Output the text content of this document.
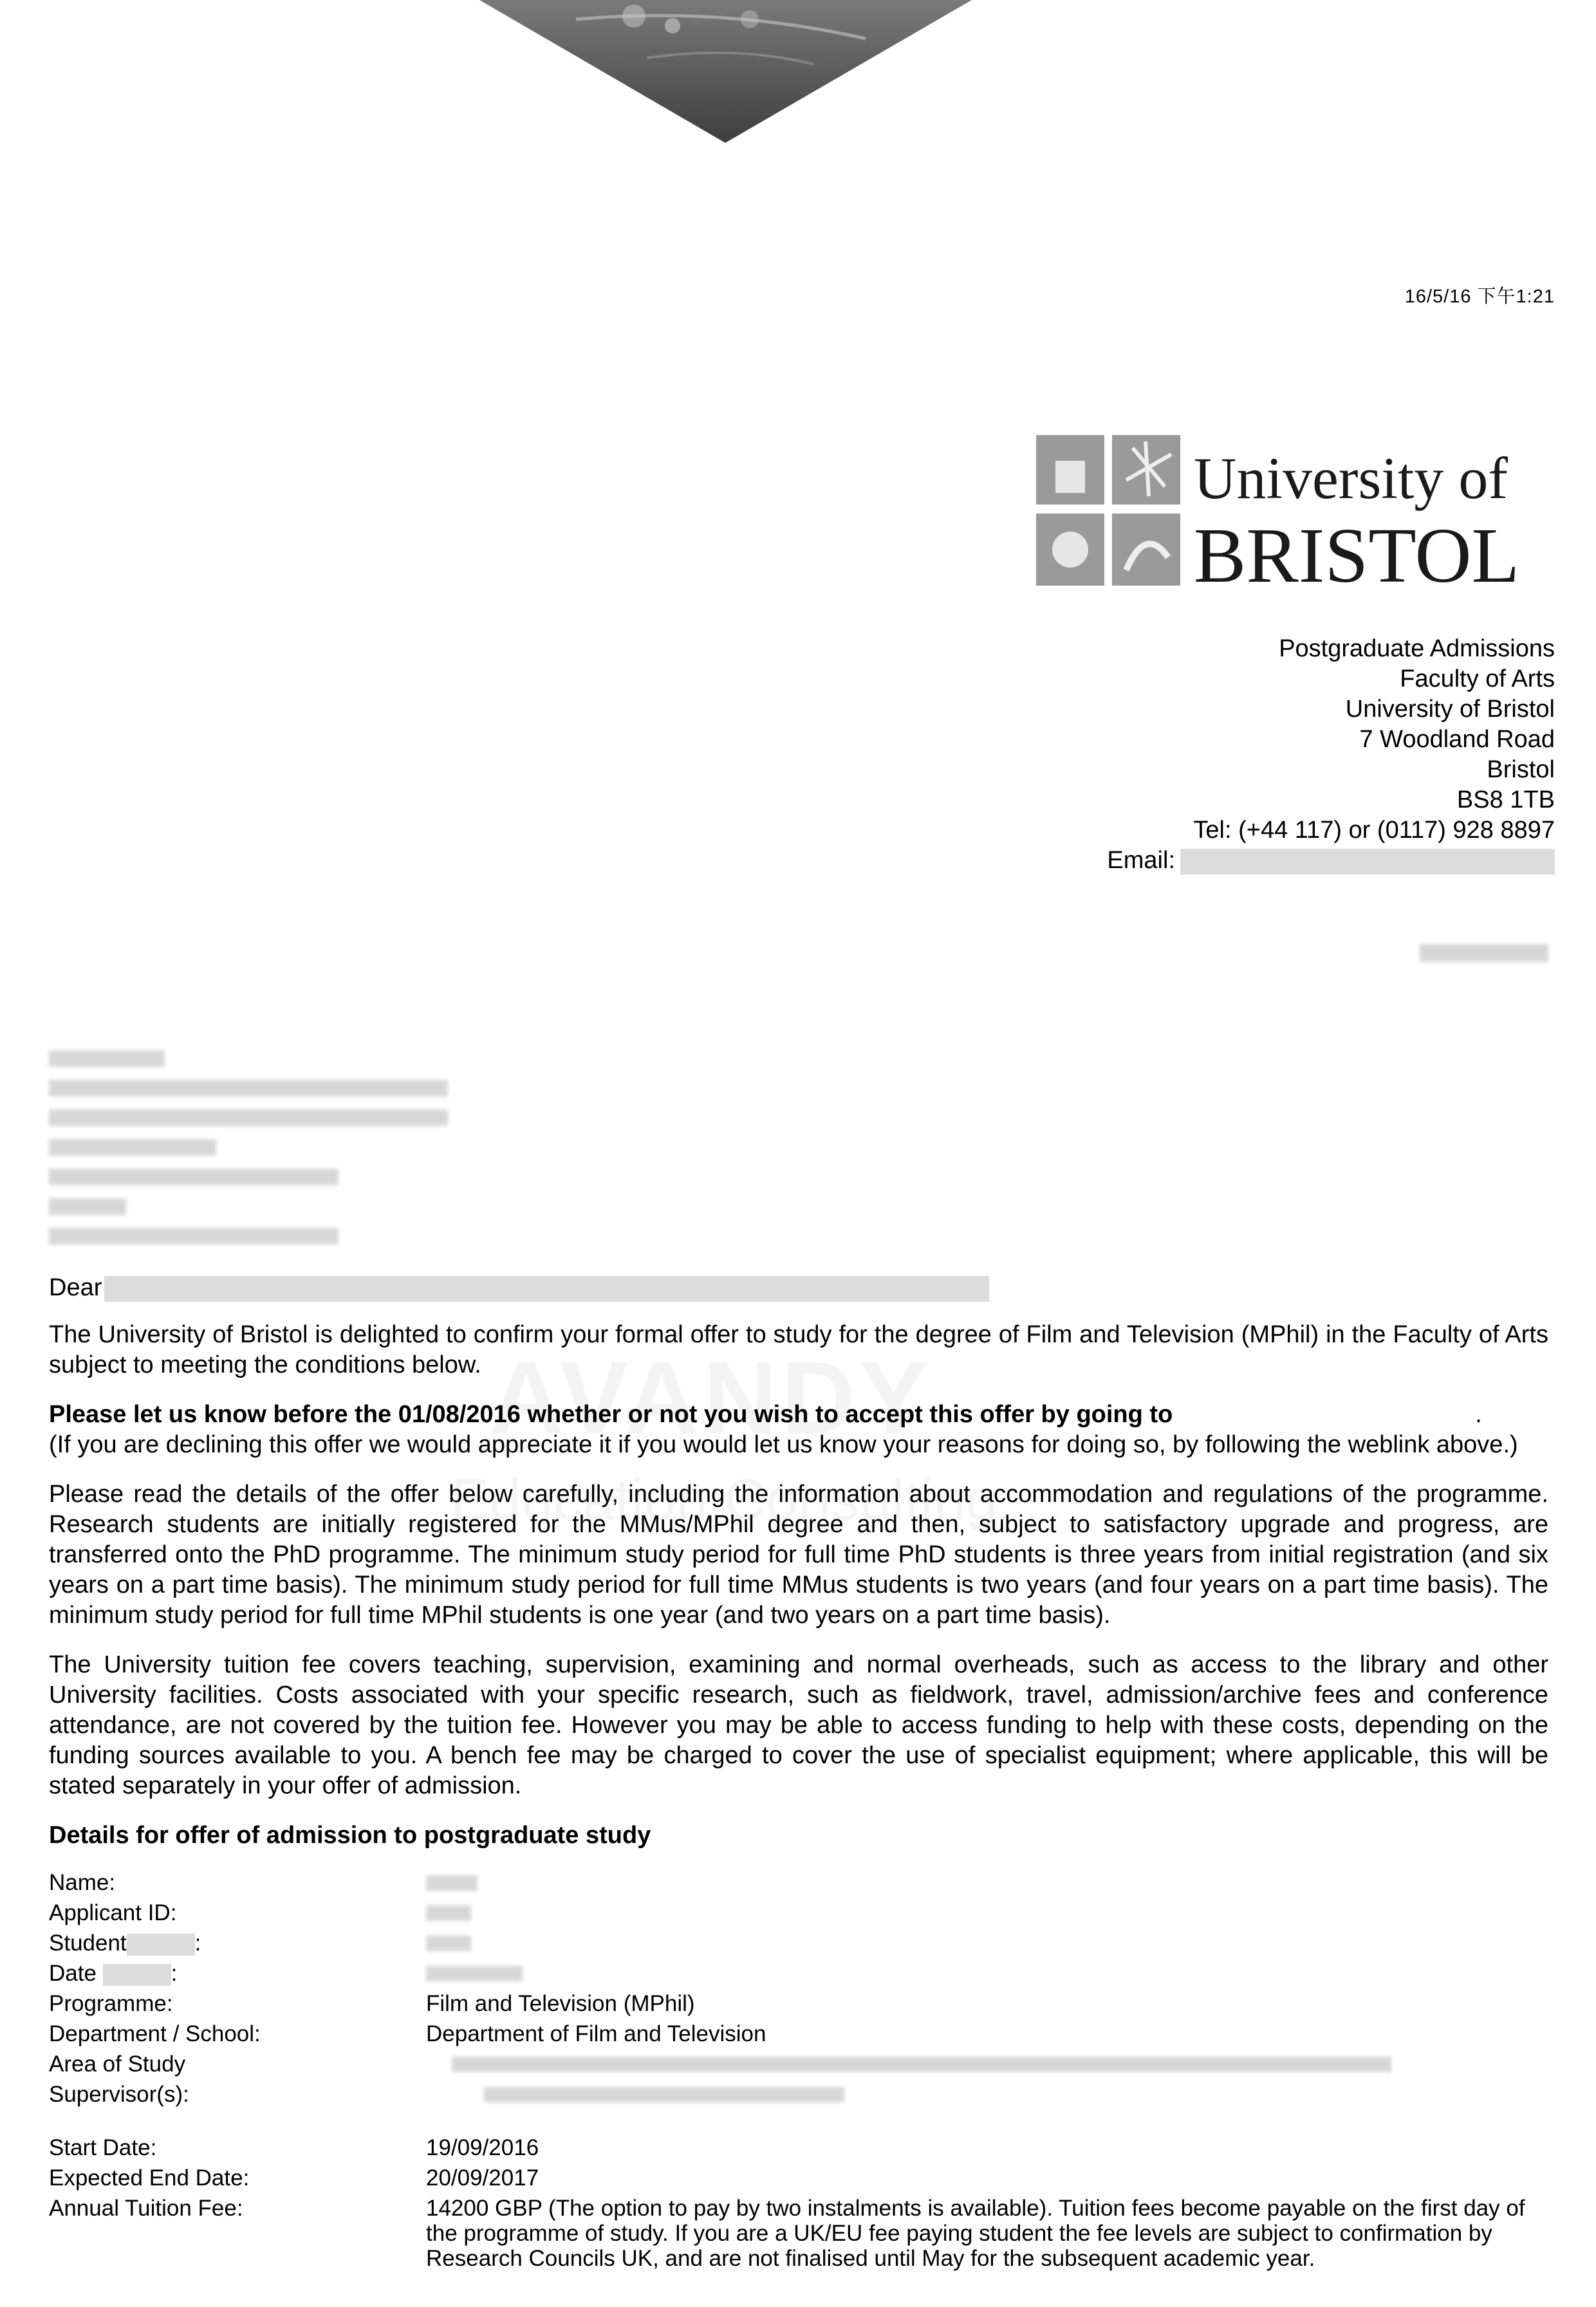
16/5/16 下午1:21
University of
BRISTOL
Postgraduate Admissions
Faculty of Arts
University of Bristol
7 Woodland Road
Bristol
BS8 1TB
Tel: (+44 117) or (0117) 928 8897
Email:

Dear

The University of Bristol is delighted to confirm your formal offer to study for the degree of Film and Television (MPhil) in the Faculty of Arts subject to meeting the conditions below.

Please let us know before the 01/08/2016 whether or not you wish to accept this offer by going to	.
(If you are declining this offer we would appreciate it if you would let us know your reasons for doing so, by following the weblink above.)

Please read the details of the offer below carefully, including the information about accommodation and regulations of the programme. Research students are initially registered for the MMus/MPhil degree and then, subject to satisfactory upgrade and progress, are transferred onto the PhD programme. The minimum study period for full time PhD students is three years from initial registration (and six years on a part time basis). The minimum study period for full time MMus students is two years (and four years on a part time basis). The minimum study period for full time MPhil students is one year (and two years on a part time basis).

The University tuition fee covers teaching, supervision, examining and normal overheads, such as access to the library and other University facilities. Costs associated with your specific research, such as fieldwork, travel, admission/archive fees and conference attendance, are not covered by the tuition fee. However you may be able to access funding to help with these costs, depending on the funding sources available to you. A bench fee may be charged to cover the use of specialist equipment; where applicable, this will be stated separately in your offer of admission.

Details for offer of admission to postgraduate study
Name:
Applicant ID:
Student	:
Date	:
Programme:	Film and Television (MPhil)
Department / School:	Department of Film and Television
Area of Study
Supervisor(s):
Start Date:	19/09/2016
Expected End Date:	20/09/2017
Annual Tuition Fee:	14200 GBP (The option to pay by two instalments is available). Tuition fees become payable on the first day of the programme of study. If you are a UK/EU fee paying student the fee levels are subject to confirmation by Research Councils UK, and are not finalised until May for the subsequent academic year.
